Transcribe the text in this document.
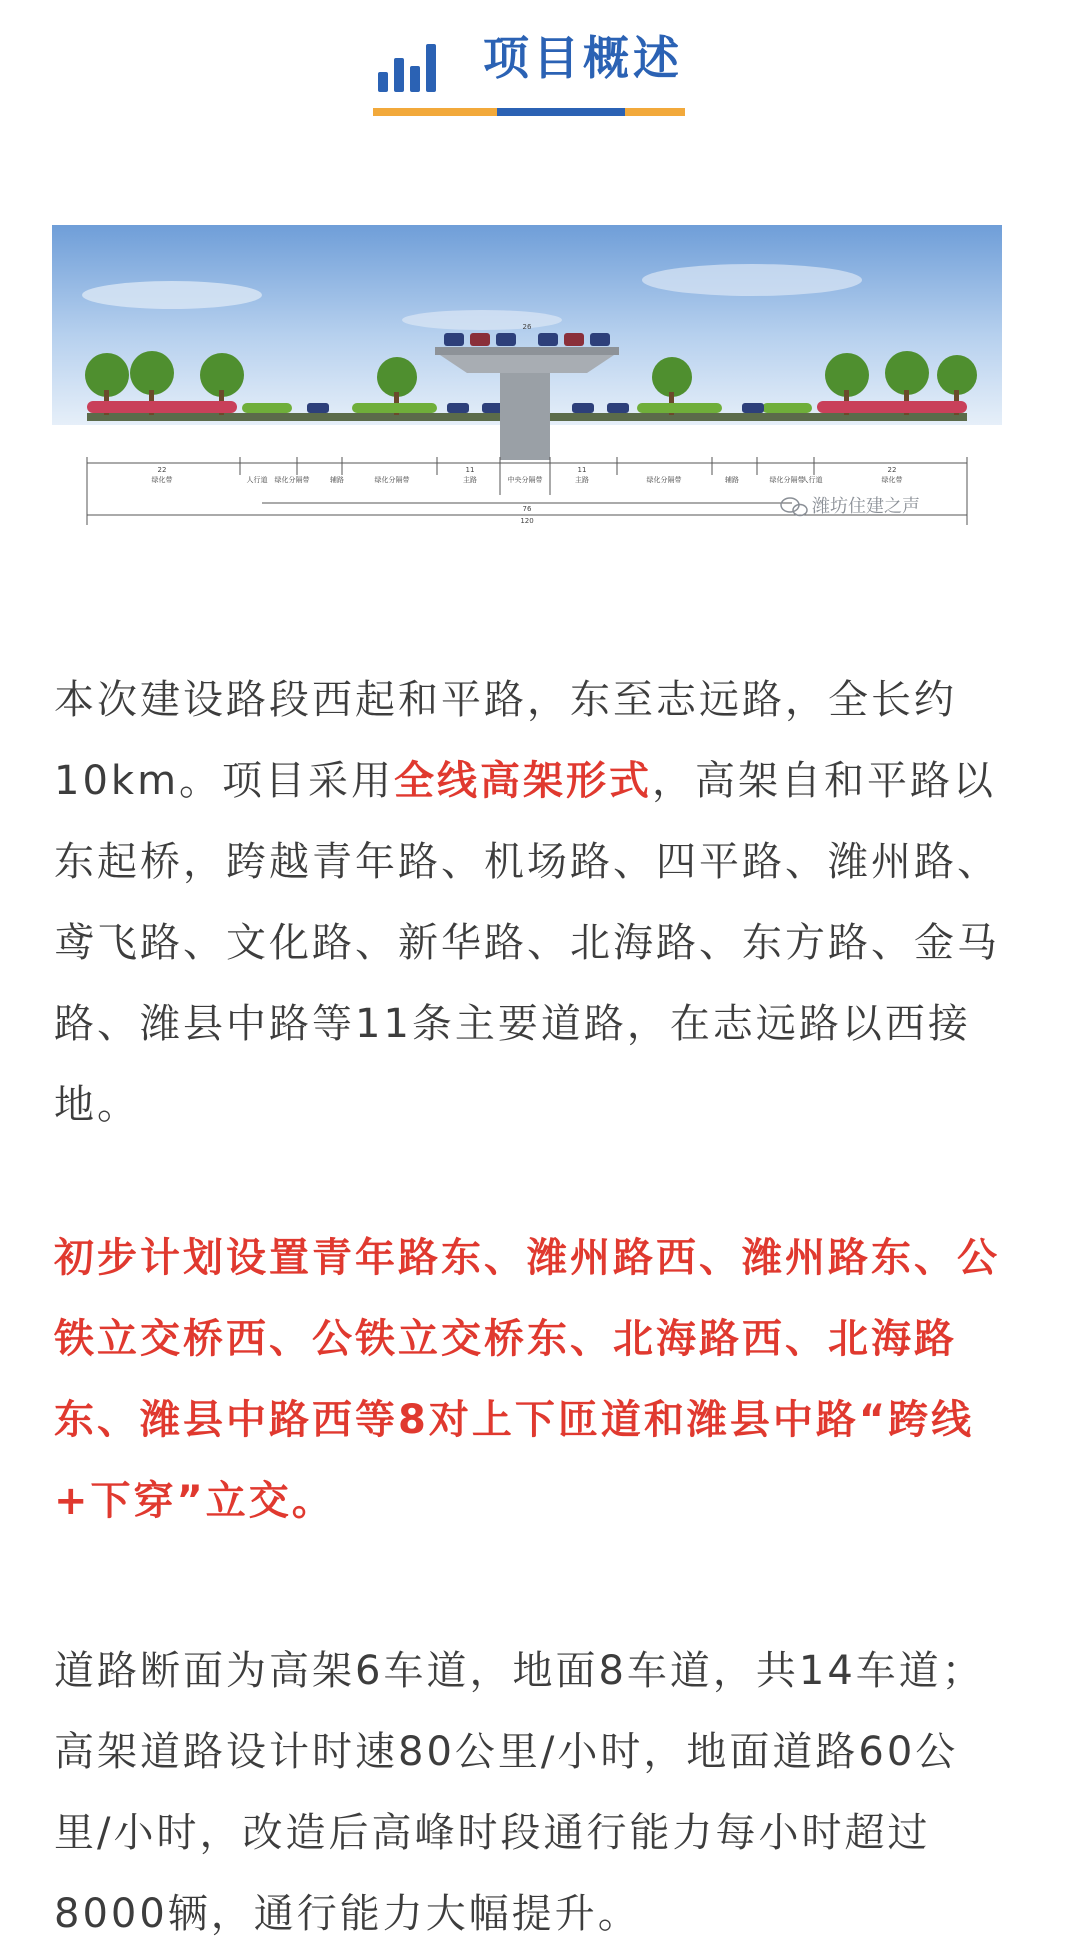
项目概述
22
绿化带	人行道 绿化分隔带	辅路	绿化分隔带
11
主路	中央分隔带	主路
11
绿化分隔带	辅路	绿化分隔带
人行道
22
绿化带
26
76
120
潍坊住建之声

本次建设路段西起和平路，东至志远路，全长约10km。项目采用全线高架形式，高架自和平路以东起桥，跨越青年路、机场路、四平路、潍州路、鸢飞路、文化路、新华路、北海路、东方路、金马路、潍县中路等11条主要道路，在志远路以西接地。

初步计划设置青年路东、潍州路西、潍州路东、公铁立交桥西、公铁立交桥东、北海路西、北海路东、潍县中路西等8对上下匝道和潍县中路“跨线+下穿”立交。

道路断面为高架6车道，地面8车道，共14车道；高架道路设计时速80公里/小时，地面道路60公里/小时，改造后高峰时段通行能力每小时超过8000辆，通行能力大幅提升。
